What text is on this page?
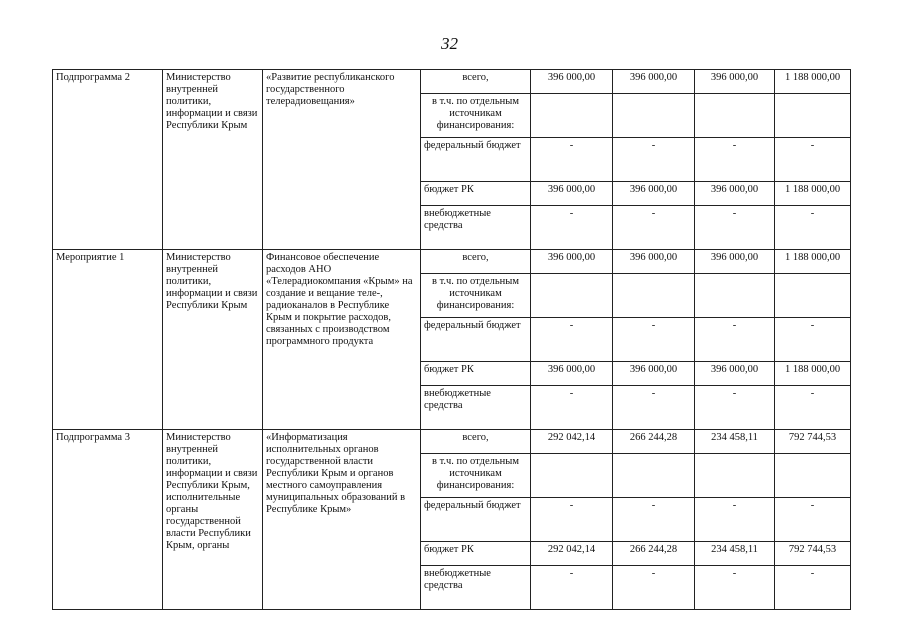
32
Подпрограмма 2	Министерство внутренней политики, информации и связи Республики Крым	«Развитие республиканского государственного телерадиовещания»	всего,	396 000,00	396 000,00	396 000,00	1 188 000,00
			в т.ч. по отдельным источникам финансирования:				
			федеральный бюджет	-	-	-	-
			бюджет РК	396 000,00	396 000,00	396 000,00	1 188 000,00
			внебюджетные средства	-	-	-	-
Мероприятие 1	Министерство внутренней политики, информации и связи Республики Крым	Финансовое обеспечение расходов АНО «Телерадиокомпания «Крым» на создание и вещание теле-, радиоканалов в Республике Крым и покрытие расходов, связанных с производством программного продукта	всего,	396 000,00	396 000,00	396 000,00	1 188 000,00
			в т.ч. по отдельным источникам финансирования:				
			федеральный бюджет	-	-	-	-
			бюджет РК	396 000,00	396 000,00	396 000,00	1 188 000,00
			внебюджетные средства	-	-	-	-
Подпрограмма 3	Министерство внутренней политики, информации и связи Республики Крым, исполнительные органы государственной власти Республики Крым, органы	«Информатизация исполнительных органов государственной власти Республики Крым и органов местного самоуправления муниципальных образований в Республике Крым»	всего,	292 042,14	266 244,28	234 458,11	792 744,53
			в т.ч. по отдельным источникам финансирования:				
			федеральный бюджет	-	-	-	-
			бюджет РК	292 042,14	266 244,28	234 458,11	792 744,53
			внебюджетные средства	-	-	-	-
